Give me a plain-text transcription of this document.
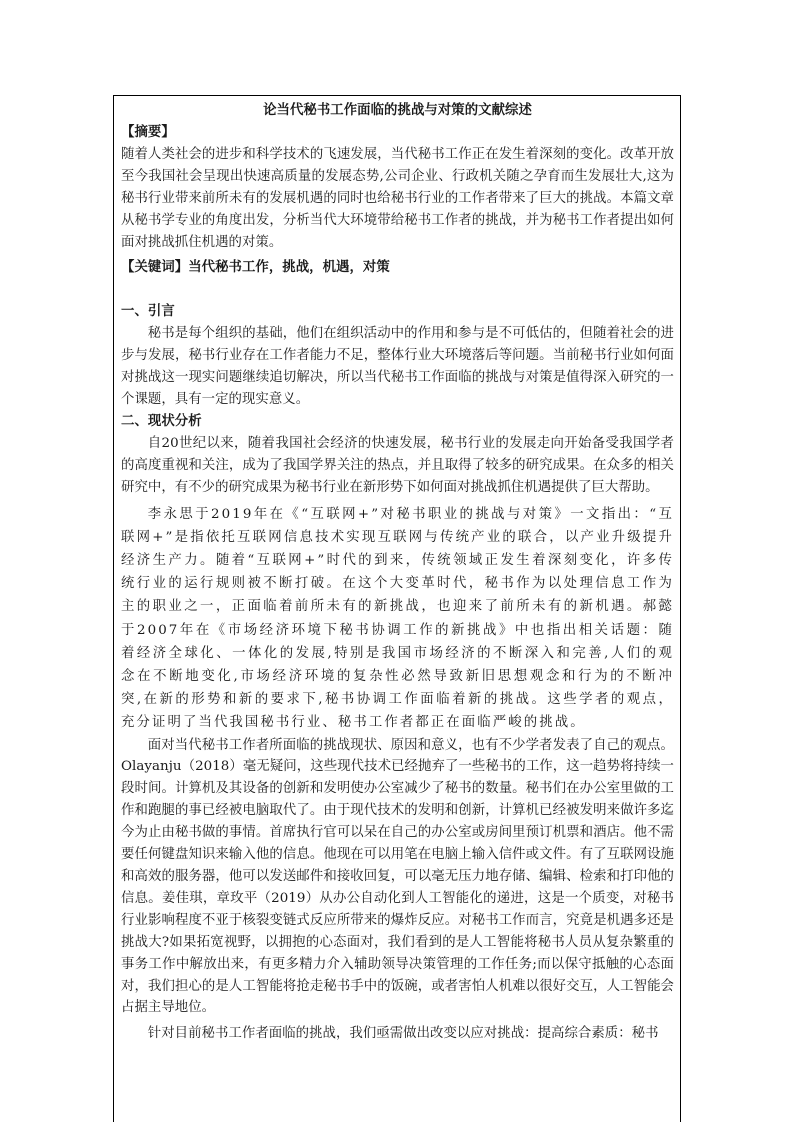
论当代秘书工作面临的挑战与对策的文献综述

【摘要】

随着人类社会的进步和科学技术的飞速发展，当代秘书工作正在发生着深刻的变化。改革开放至今我国社会呈现出快速高质量的发展态势,公司企业、行政机关随之孕育而生发展壮大,这为秘书行业带来前所未有的发展机遇的同时也给秘书行业的工作者带来了巨大的挑战。本篇文章从秘书学专业的角度出发，分析当代大环境带给秘书工作者的挑战，并为秘书工作者提出如何面对挑战抓住机遇的对策。

【关键词】当代秘书工作，挑战，机遇，对策

一、引言

秘书是每个组织的基础，他们在组织活动中的作用和参与是不可低估的，但随着社会的进步与发展，秘书行业存在工作者能力不足，整体行业大环境落后等问题。当前秘书行业如何面对挑战这一现实问题继续追切解决，所以当代秘书工作面临的挑战与对策是值得深入研究的一个课题，具有一定的现实意义。

二、现状分析

自20世纪以来，随着我国社会经济的快速发展，秘书行业的发展走向开始备受我国学者的高度重视和关注，成为了我国学界关注的热点，并且取得了较多的研究成果。在众多的相关研究中，有不少的研究成果为秘书行业在新形势下如何面对挑战抓住机遇提供了巨大帮助。

李永思于2019年在《“互联网+”对秘书职业的挑战与对策》一文指出：“互联网+”是指依托互联网信息技术实现互联网与传统产业的联合，以产业升级提升经济生产力。随着“互联网+”时代的到来，传统领域正发生着深刻变化，许多传统行业的运行规则被不断打破。在这个大变革时代，秘书作为以处理信息工作为主的职业之一，正面临着前所未有的新挑战，也迎来了前所未有的新机遇。郝懿于2007年在《市场经济环境下秘书协调工作的新挑战》中也指出相关话题：随着经济全球化、一体化的发展,特别是我国市场经济的不断深入和完善,人们的观念在不断地变化,市场经济环境的复杂性必然导致新旧思想观念和行为的不断冲突,在新的形势和新的要求下,秘书协调工作面临着新的挑战。这些学者的观点，充分证明了当代我国秘书行业、秘书工作者都正在面临严峻的挑战。

面对当代秘书工作者所面临的挑战现状、原因和意义，也有不少学者发表了自己的观点。Olayanju（2018）毫无疑问，这些现代技术已经抛弃了一些秘书的工作，这一趋势将持续一段时间。计算机及其设备的创新和发明使办公室减少了秘书的数量。秘书们在办公室里做的工作和跑腿的事已经被电脑取代了。由于现代技术的发明和创新，计算机已经被发明来做许多迄今为止由秘书做的事情。首席执行官可以呆在自己的办公室或房间里预订机票和酒店。他不需要任何键盘知识来输入他的信息。他现在可以用笔在电脑上输入信件或文件。有了互联网设施和高效的服务器，他可以发送邮件和接收回复，可以毫无压力地存储、编辑、检索和打印他的信息。姜佳琪，章玫平（2019）从办公自动化到人工智能化的递进，这是一个质变，对秘书行业影响程度不亚于核裂变链式反应所带来的爆炸反应。对秘书工作而言，究竟是机遇多还是挑战大?如果拓宽视野，以拥抱的心态面对，我们看到的是人工智能将秘书人员从复杂繁重的事务工作中解放出来，有更多精力介入辅助领导决策管理的工作任务;而以保守抵触的心态面对，我们担心的是人工智能将抢走秘书手中的饭碗，或者害怕人机难以很好交互，人工智能会占据主导地位。

针对目前秘书工作者面临的挑战，我们亟需做出改变以应对挑战：提高综合素质：秘书
